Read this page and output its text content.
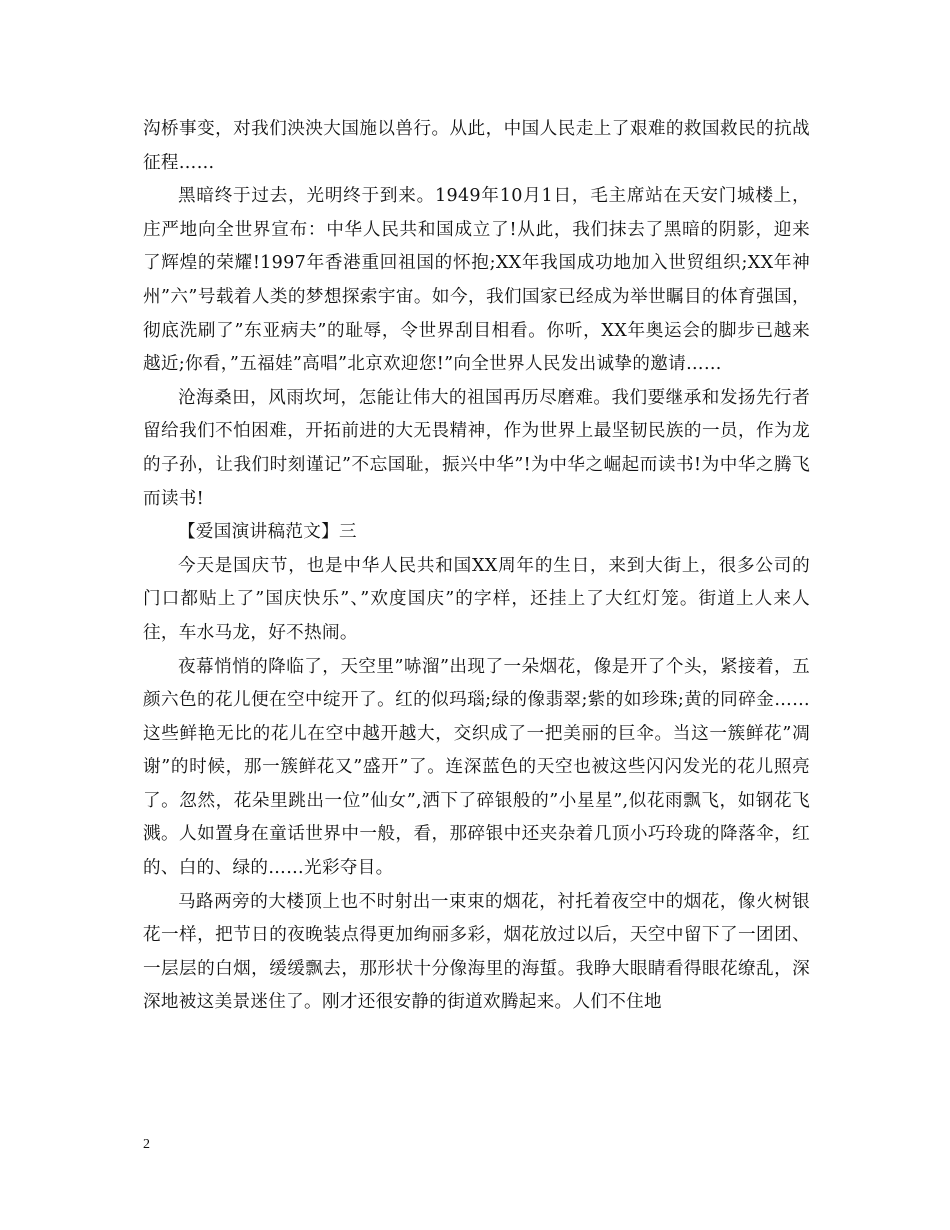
沟桥事变，对我们泱泱大国施以兽行。从此，中国人民走上了艰难的救国救民的抗战征程……

黑暗终于过去，光明终于到来。1949年10月1日，毛主席站在天安门城楼上，庄严地向全世界宣布：中华人民共和国成立了!从此，我们抹去了黑暗的阴影，迎来了辉煌的荣耀!1997年香港重回祖国的怀抱;XX年我国成功地加入世贸组织;XX年神州”六”号载着人类的梦想探索宇宙。如今，我们国家已经成为举世瞩目的体育强国，彻底洗刷了”东亚病夫”的耻辱，令世界刮目相看。你听，XX年奥运会的脚步已越来越近;你看，”五福娃”高唱”北京欢迎您!”向全世界人民发出诚挚的邀请……

沧海桑田，风雨坎坷，怎能让伟大的祖国再历尽磨难。我们要继承和发扬先行者留给我们不怕困难，开拓前进的大无畏精神，作为世界上最坚韧民族的一员，作为龙的子孙，让我们时刻谨记”不忘国耻，振兴中华”!为中华之崛起而读书!为中华之腾飞而读书!

【爱国演讲稿范文】三

今天是国庆节，也是中华人民共和国XX周年的生日，来到大街上，很多公司的门口都贴上了”国庆快乐”、”欢度国庆”的字样，还挂上了大红灯笼。街道上人来人往，车水马龙，好不热闹。

夜幕悄悄的降临了，天空里”哧溜”出现了一朵烟花，像是开了个头，紧接着，五颜六色的花儿便在空中绽开了。红的似玛瑙;绿的像翡翠;紫的如珍珠;黄的同碎金……这些鲜艳无比的花儿在空中越开越大，交织成了一把美丽的巨伞。当这一簇鲜花”凋谢”的时候，那一簇鲜花又”盛开”了。连深蓝色的天空也被这些闪闪发光的花儿照亮了。忽然，花朵里跳出一位”仙女”,洒下了碎银般的”小星星”,似花雨飘飞，如钢花飞溅。人如置身在童话世界中一般，看，那碎银中还夹杂着几顶小巧玲珑的降落伞，红的、白的、绿的……光彩夺目。

马路两旁的大楼顶上也不时射出一束束的烟花，衬托着夜空中的烟花，像火树银花一样，把节日的夜晚装点得更加绚丽多彩，烟花放过以后，天空中留下了一团团、一层层的白烟，缓缓飘去，那形状十分像海里的海蜇。我睁大眼睛看得眼花缭乱，深深地被这美景迷住了。刚才还很安静的街道欢腾起来。人们不住地

2
